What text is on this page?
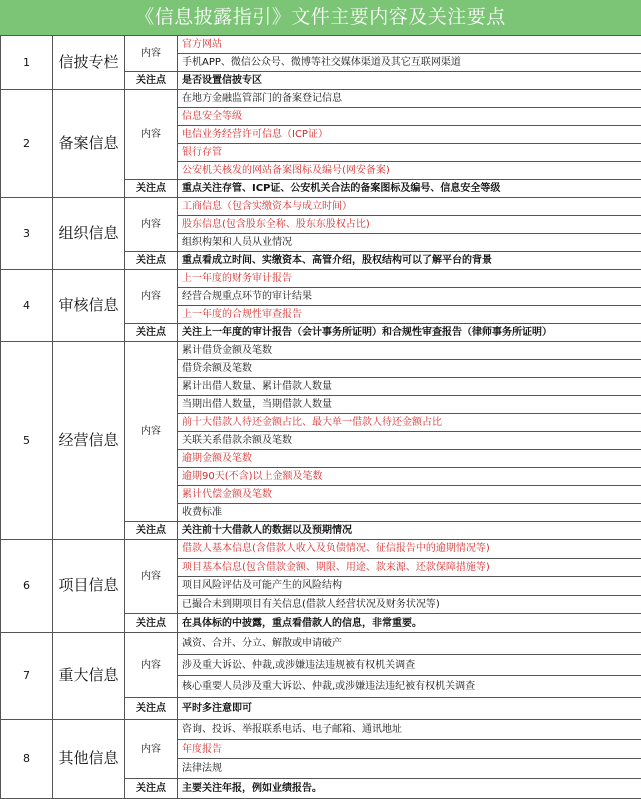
《信息披露指引》文件主要内容及关注要点
1	信披专栏	内容	官方网站
			手机APP、微信公众号、微博等社交媒体渠道及其它互联网渠道
		关注点	是否设置信披专区
2	备案信息	内容	在地方金融监管部门的备案登记信息
			信息安全等级
			电信业务经营许可信息（ICP证）
			银行存管
			公安机关核发的网站备案图标及编号(网安备案)
		关注点	重点关注存管、ICP证、公安机关合法的备案图标及编号、信息安全等级
3	组织信息	内容	工商信息（包含实缴资本与成立时间）
			股东信息(包含股东全称、股东东股权占比)
			组织构架和人员从业情况
		关注点	重点看成立时间、实缴资本、高管介绍，股权结构可以了解平台的背景
4	审核信息	内容	上一年度的财务审计报告
			经营合规重点环节的审计结果
			上一年度的合规性审查报告
		关注点	关注上一年度的审计报告（会计事务所证明）和合规性审查报告（律师事务所证明）
5	经营信息	内容	累计借贷金额及笔数
			借贷余额及笔数
			累计出借人数量、累计借款人数量
			当期出借人数量，当期借款人数量
			前十大借款人待还金额占比、最大单一借款人待还金额占比
			关联关系借款余额及笔数
			逾期金额及笔数
			逾期90天(不含)以上金额及笔数
			累计代偿金额及笔数
			收费标准
		关注点	关注前十大借款人的数据以及预期情况
6	项目信息	内容	借款人基本信息(含借款人收入及负债情况、征信报告中的逾期情况等)
			项目基本信息(包含借款金额、期限、用途、款来源、还款保障措施等)
			项目风险评估及可能产生的风险结构
			已撮合未到期项目有关信息(借款人经营状况及财务状况等)
		关注点	在具体标的中披露，重点看借款人的信息，非常重要。
7	重大信息	内容	减资、合并、分立、解散或申请破产
			涉及重大诉讼、仲裁,或涉嫌违法违规被有权机关调查
			核心重要人员涉及重大诉讼、仲裁,或涉嫌违法违纪被有权机关调查
		关注点	平时多注意即可
8	其他信息	内容	咨询、投诉、举报联系电话、电子邮箱、通讯地址
			年度报告
			法律法规
		关注点	主要关注年报，例如业绩报告。
